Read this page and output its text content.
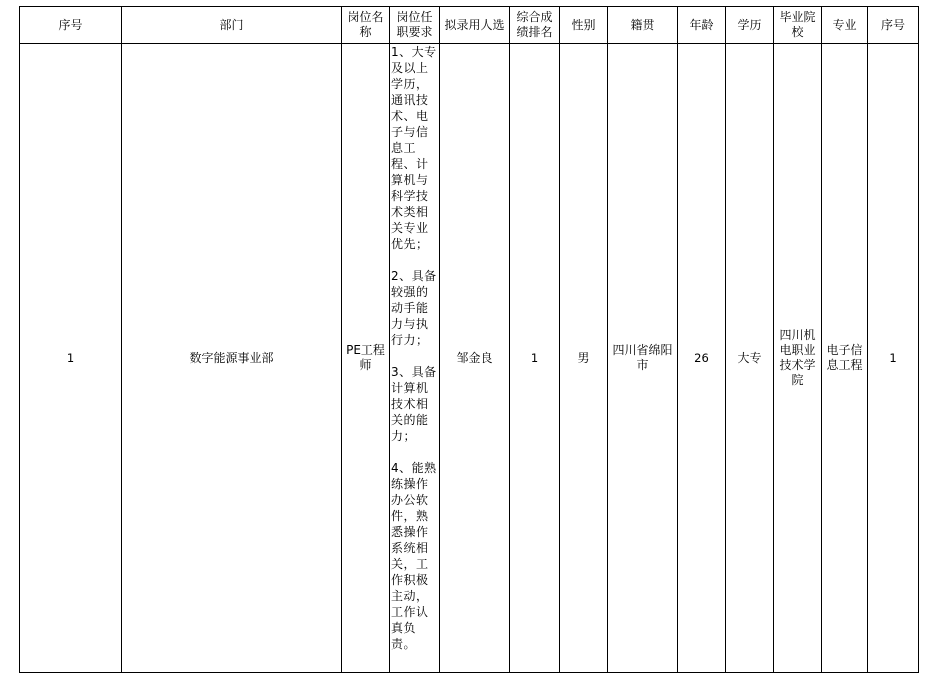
序号	部门	岗位名称	岗位任职要求	拟录用人选	综合成绩排名	性别	籍贯	年龄	学历	毕业院校	专业	序号
1	数字能源事业部	PE工程师	1、大专及以上学历，通讯技术、电子与信息工程、计算机与科学技术类相关专业优先；

2、具备较强的动手能力与执行力；

3、具备计算机技术相关的能力；

4、能熟练操作办公软件，熟悉操作系统相关，工作积极主动，工作认真负责。	邹金良	1	男	四川省绵阳市	26	大专	四川机电职业技术学院	电子信息工程	1
